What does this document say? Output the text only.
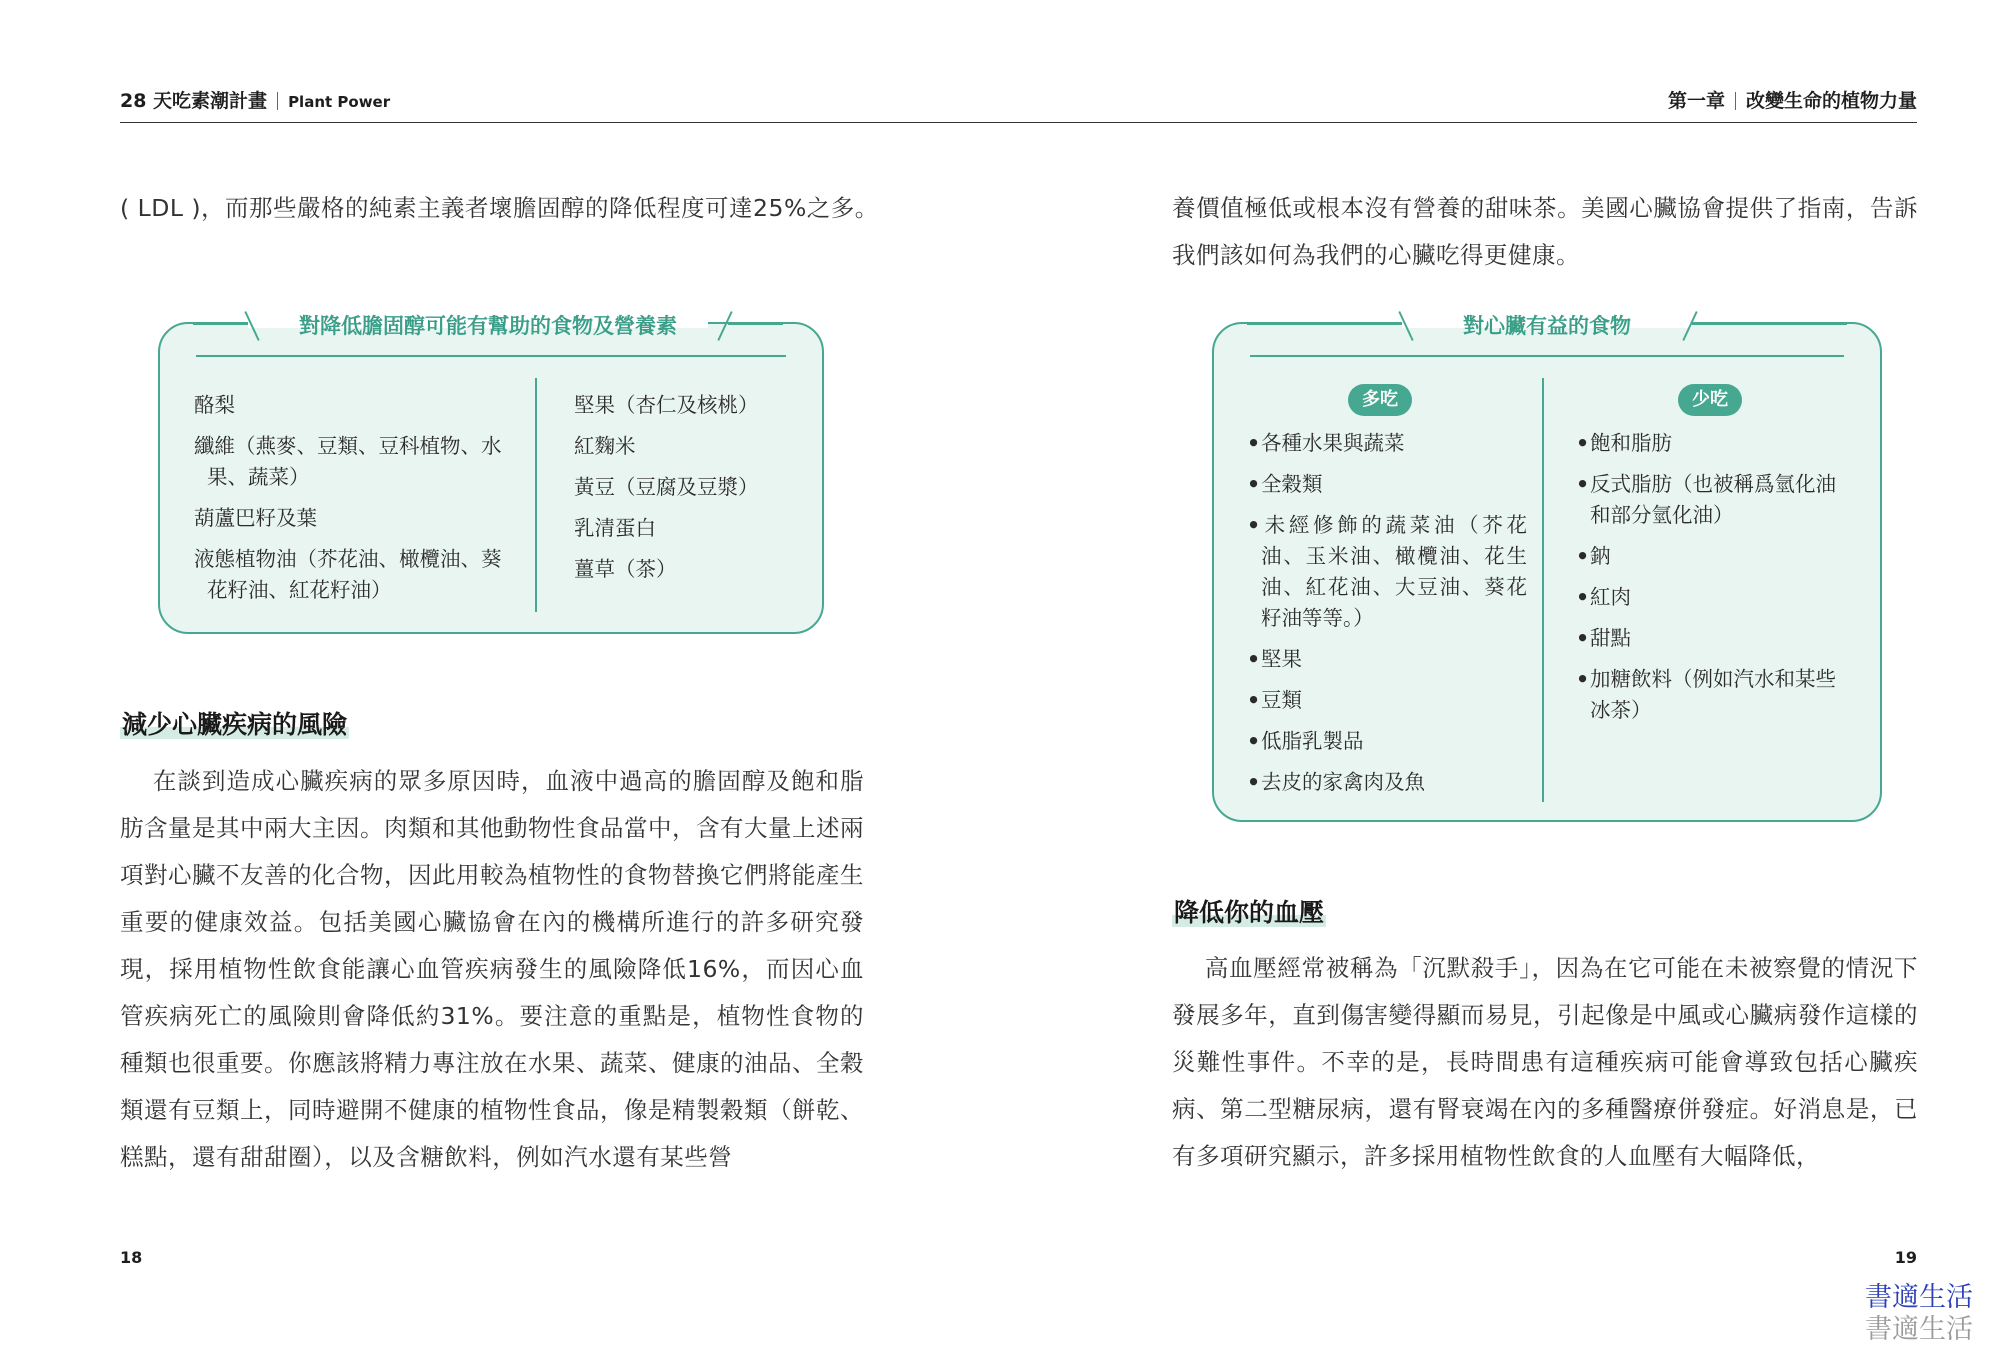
28 天吃素潮計畫 Plant Power	第一章 改變生命的植物力量

( LDL )，而那些嚴格的純素主義者壞膽固醇的降低程度可達25%之多。

對降低膽固醇可能有幫助的食物及營養素
酪梨
纖維（燕麥、豆類、豆科植物、水果、蔬菜）
葫蘆巴籽及葉
液態植物油（芥花油、橄欖油、葵花籽油、紅花籽油）
堅果（杏仁及核桃）
紅麴米
黃豆（豆腐及豆漿）
乳清蛋白
薑草（茶）
減少心臟疾病的風險

在談到造成心臟疾病的眾多原因時，血液中過高的膽固醇及飽和脂肪含量是其中兩大主因。肉類和其他動物性食品當中，含有大量上述兩項對心臟不友善的化合物，因此用較為植物性的食物替換它們將能產生重要的健康效益。包括美國心臟協會在內的機構所進行的許多研究發現，採用植物性飲食能讓心血管疾病發生的風險降低16%，而因心血管疾病死亡的風險則會降低約31%。要注意的重點是，植物性食物的種類也很重要。你應該將精力專注放在水果、蔬菜、健康的油品、全穀類還有豆類上，同時避開不健康的植物性食品，像是精製穀類（餅乾、糕點，還有甜甜圈），以及含糖飲料，例如汽水還有某些營

18

養價值極低或根本沒有營養的甜味茶。美國心臟協會提供了指南，告訴我們該如何為我們的心臟吃得更健康。

對心臟有益的食物
多吃	少吃
• 各種水果與蔬菜
• 全穀類
• 未經修飾的蔬菜油（芥花油、玉米油、橄欖油、花生油、紅花油、大豆油、葵花籽油等等。）
• 堅果
• 豆類
• 低脂乳製品
• 去皮的家禽肉及魚
• 飽和脂肪
• 反式脂肪（也被稱爲氫化油和部分氫化油）
• 鈉
• 紅肉
• 甜點
• 加糖飲料（例如汽水和某些冰茶）
降低你的血壓

高血壓經常被稱為「沉默殺手」，因為在它可能在未被察覺的情況下發展多年，直到傷害變得顯而易見，引起像是中風或心臟病發作這樣的災難性事件。不幸的是，長時間患有這種疾病可能會導致包括心臟疾病、第二型糖尿病，還有腎衰竭在內的多種醫療併發症。好消息是，已有多項研究顯示，許多採用植物性飲食的人血壓有大幅降低，

19
書適生活
書適生活
